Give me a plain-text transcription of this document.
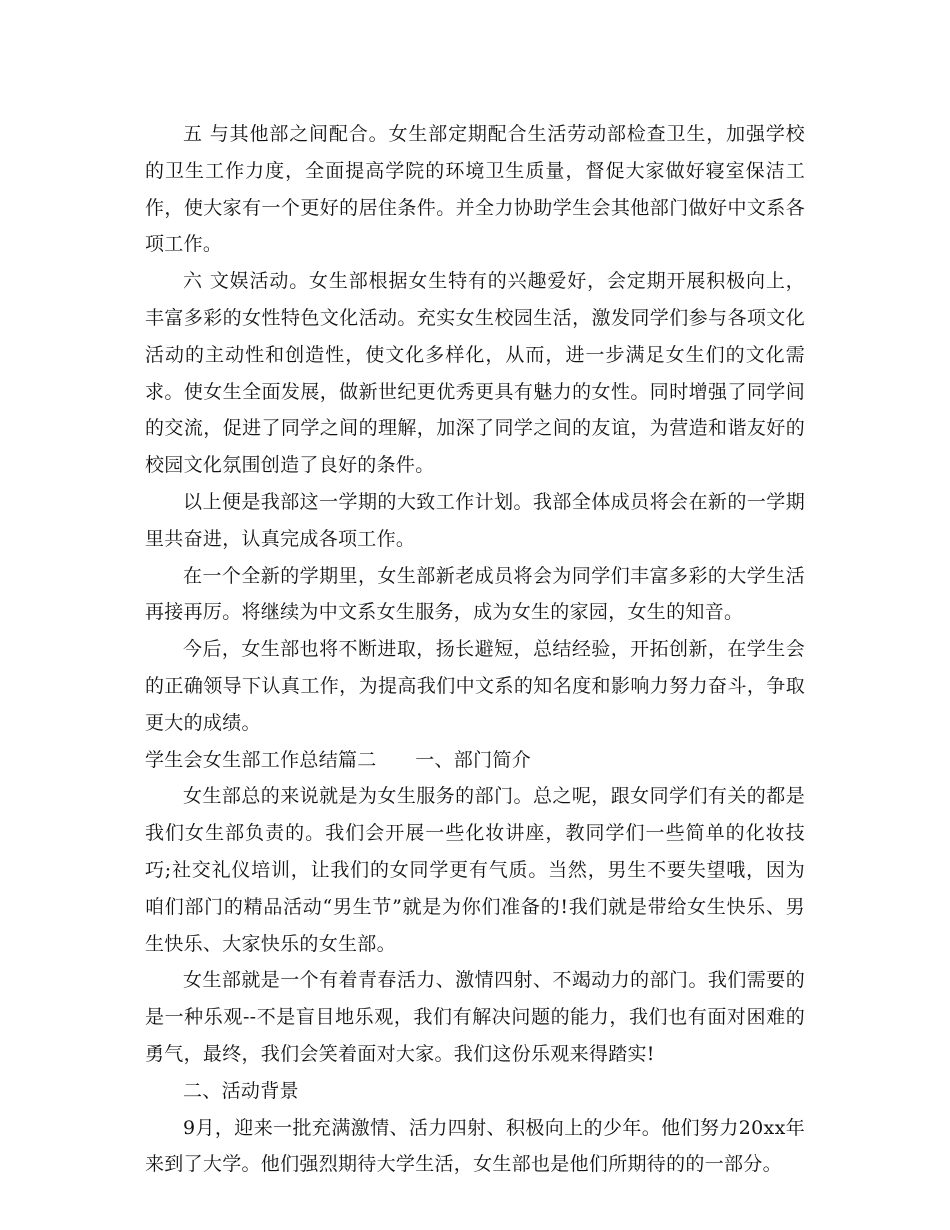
五 与其他部之间配合。女生部定期配合生活劳动部检查卫生，加强学校的卫生工作力度，全面提高学院的环境卫生质量，督促大家做好寝室保洁工作，使大家有一个更好的居住条件。并全力协助学生会其他部门做好中文系各项工作。

六 文娱活动。女生部根据女生特有的兴趣爱好，会定期开展积极向上，丰富多彩的女性特色文化活动。充实女生校园生活，激发同学们参与各项文化活动的主动性和创造性，使文化多样化，从而，进一步满足女生们的文化需求。使女生全面发展，做新世纪更优秀更具有魅力的女性。同时增强了同学间的交流，促进了同学之间的理解，加深了同学之间的友谊，为营造和谐友好的校园文化氛围创造了良好的条件。

以上便是我部这一学期的大致工作计划。我部全体成员将会在新的一学期里共奋进，认真完成各项工作。

在一个全新的学期里，女生部新老成员将会为同学们丰富多彩的大学生活再接再厉。将继续为中文系女生服务，成为女生的家园，女生的知音。

今后，女生部也将不断进取，扬长避短，总结经验，开拓创新，在学生会的正确领导下认真工作，为提高我们中文系的知名度和影响力努力奋斗，争取更大的成绩。

学生会女生部工作总结篇二　　一、部门简介

女生部总的来说就是为女生服务的部门。总之呢，跟女同学们有关的都是我们女生部负责的。我们会开展一些化妆讲座，教同学们一些简单的化妆技巧;社交礼仪培训，让我们的女同学更有气质。当然，男生不要失望哦，因为咱们部门的精品活动“男生节”就是为你们准备的!我们就是带给女生快乐、男生快乐、大家快乐的女生部。

女生部就是一个有着青春活力、激情四射、不竭动力的部门。我们需要的是一种乐观--不是盲目地乐观，我们有解决问题的能力，我们也有面对困难的勇气，最终，我们会笑着面对大家。我们这份乐观来得踏实!

二、活动背景

9月，迎来一批充满激情、活力四射、积极向上的少年。他们努力20xx年来到了大学。他们强烈期待大学生活，女生部也是他们所期待的的一部分。
